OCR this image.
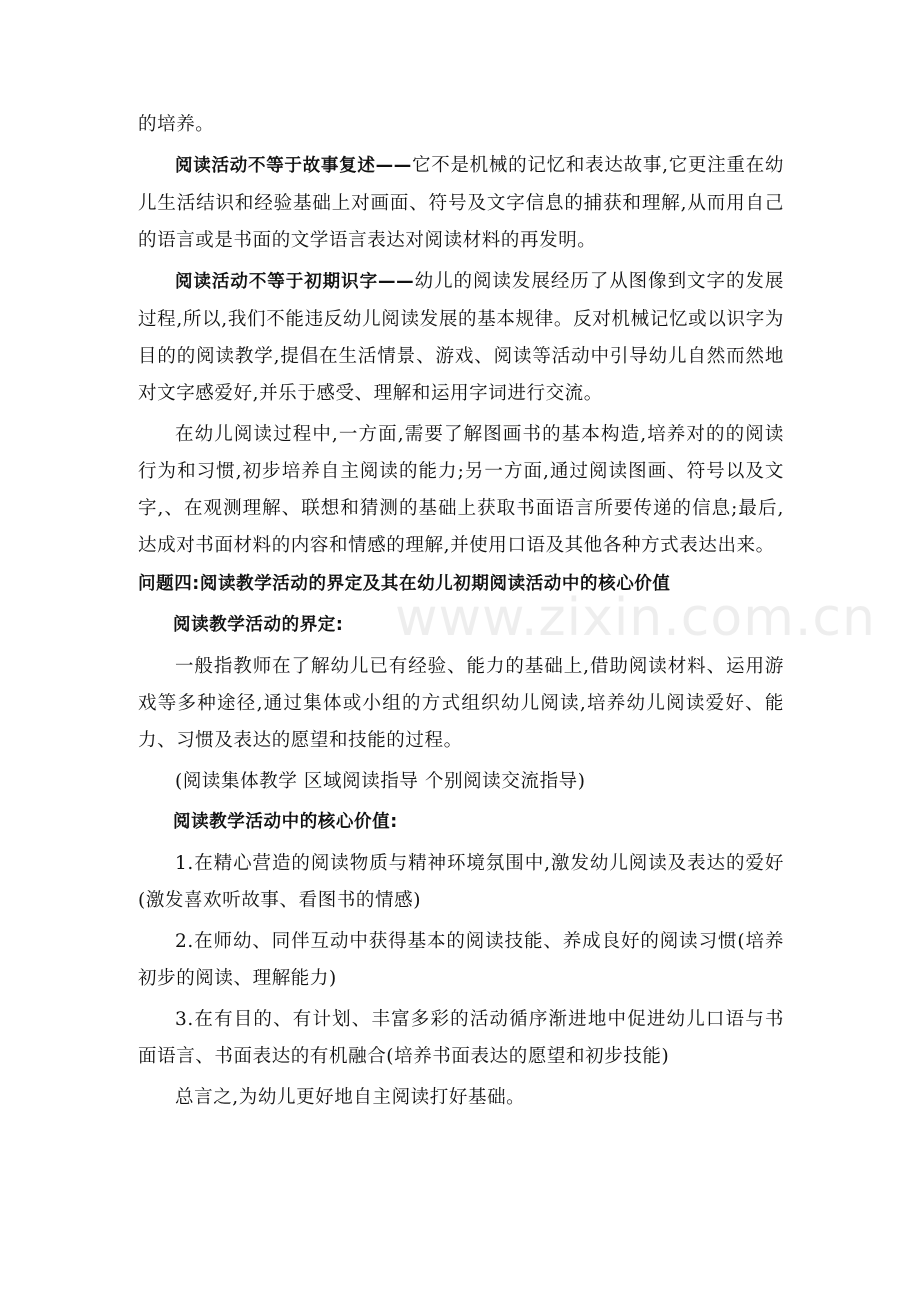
的培养。

阅读活动不等于故事复述——它不是机械的记忆和表达故事,它更注重在幼儿生活结识和经验基础上对画面、符号及文字信息的捕获和理解,从而用自己的语言或是书面的文学语言表达对阅读材料的再发明。

阅读活动不等于初期识字——幼儿的阅读发展经历了从图像到文字的发展过程,所以,我们不能违反幼儿阅读发展的基本规律。反对机械记忆或以识字为目的的阅读教学,提倡在生活情景、游戏、阅读等活动中引导幼儿自然而然地对文字感爱好,并乐于感受、理解和运用字词进行交流。

在幼儿阅读过程中,一方面,需要了解图画书的基本构造,培养对的的阅读行为和习惯,初步培养自主阅读的能力;另一方面,通过阅读图画、符号以及文字,、在观测理解、联想和猜测的基础上获取书面语言所要传递的信息;最后,达成对书面材料的内容和情感的理解,并使用口语及其他各种方式表达出来。

问题四:阅读教学活动的界定及其在幼儿初期阅读活动中的核心价值

阅读教学活动的界定:

一般指教师在了解幼儿已有经验、能力的基础上,借助阅读材料、运用游戏等多种途径,通过集体或小组的方式组织幼儿阅读,培养幼儿阅读爱好、能力、习惯及表达的愿望和技能的过程。

(阅读集体教学 区域阅读指导 个别阅读交流指导)

阅读教学活动中的核心价值:

1.在精心营造的阅读物质与精神环境氛围中,激发幼儿阅读及表达的爱好(激发喜欢听故事、看图书的情感)

2.在师幼、同伴互动中获得基本的阅读技能、养成良好的阅读习惯(培养初步的阅读、理解能力)

3.在有目的、有计划、丰富多彩的活动循序渐进地中促进幼儿口语与书面语言、书面表达的有机融合(培养书面表达的愿望和初步技能)

总言之,为幼儿更好地自主阅读打好基础。

www.zixin.com.cn
